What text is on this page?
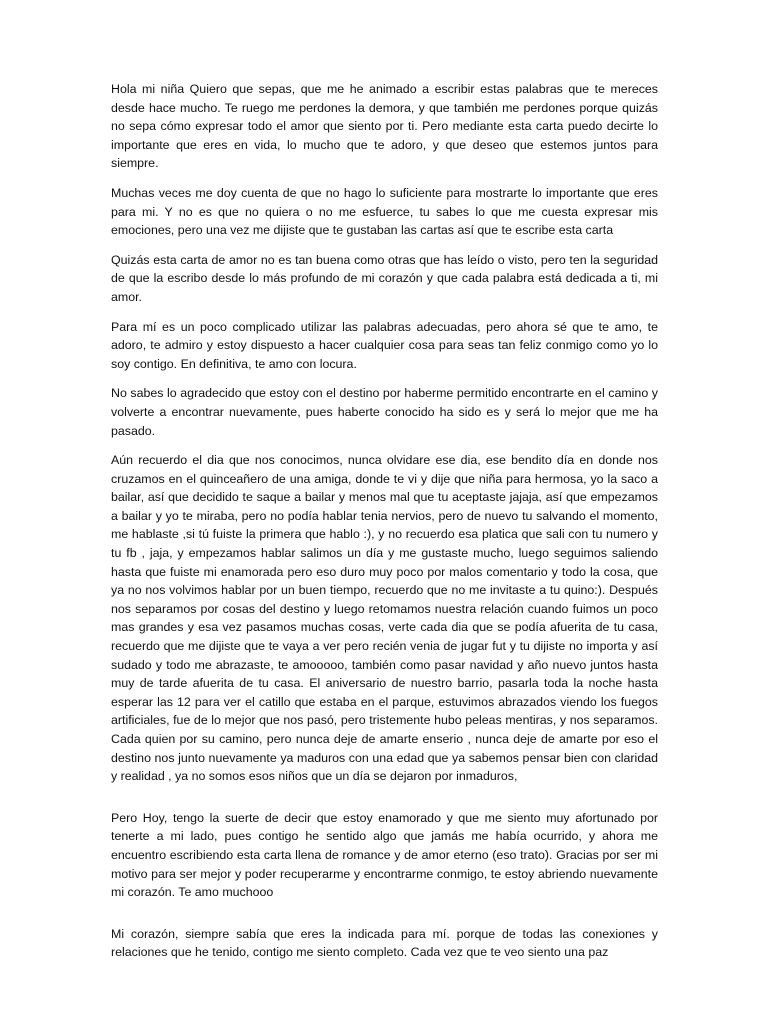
Hola mi niña Quiero que sepas, que me he animado a escribir estas palabras que te mereces desde hace mucho. Te ruego me perdones la demora, y que también me perdones porque quizás no sepa cómo expresar todo el amor que siento por ti. Pero mediante esta carta puedo decirte lo importante que eres en vida, lo mucho que te adoro, y que deseo que estemos juntos para siempre.

Muchas veces me doy cuenta de que no hago lo suficiente para mostrarte lo importante que eres para mi. Y no es que no quiera o no me esfuerce, tu sabes lo que me cuesta expresar mis emociones, pero una vez me dijiste que te gustaban las cartas así que te escribe esta carta

Quizás esta carta de amor no es tan buena como otras que has leído o visto, pero ten la seguridad de que la escribo desde lo más profundo de mi corazón y que cada palabra está dedicada a ti, mi amor.

Para mí es un poco complicado utilizar las palabras adecuadas, pero ahora sé que te amo, te adoro, te admiro y estoy dispuesto a hacer cualquier cosa para seas tan feliz conmigo como yo lo soy contigo. En definitiva, te amo con locura.

No sabes lo agradecido que estoy con el destino por haberme permitido encontrarte en el camino y volverte a encontrar nuevamente, pues haberte conocido ha sido es y será lo mejor que me ha pasado.

Aún recuerdo el dia que nos conocimos, nunca olvidare ese dia, ese bendito día en donde nos cruzamos en el quinceañero de una amiga, donde te vi y dije que niña para hermosa, yo la saco a bailar, así que decidido te saque a bailar y menos mal que tu aceptaste jajaja, así que empezamos a bailar y yo te miraba, pero no podía hablar tenia nervios, pero de nuevo tu salvando el momento, me hablaste ,si tú fuiste la primera que hablo :), y no recuerdo esa platica que sali con tu numero y tu fb , jaja, y empezamos hablar salimos un día y me gustaste mucho, luego seguimos saliendo hasta que fuiste mi enamorada pero eso duro muy poco por malos comentario y todo la cosa, que ya no nos volvimos hablar por un buen tiempo, recuerdo que no me invitaste a tu quino:). Después nos separamos por cosas del destino y luego retomamos nuestra relación cuando fuimos un poco mas grandes y esa vez pasamos muchas cosas, verte cada dia que se podía afuerita de tu casa, recuerdo que me dijiste que te vaya a ver pero recién venia de jugar fut y tu dijiste no importa y así sudado y todo me abrazaste, te amooooo, también como pasar navidad y año nuevo juntos hasta muy de tarde afuerita de tu casa. El aniversario de nuestro barrio, pasarla toda la noche hasta esperar las 12 para ver el catillo que estaba en el parque, estuvimos abrazados viendo los fuegos artificiales, fue de lo mejor que nos pasó, pero tristemente hubo peleas mentiras, y nos separamos. Cada quien por su camino, pero nunca deje de amarte enserio , nunca deje de amarte por eso el destino nos junto nuevamente ya maduros con una edad que ya sabemos pensar bien con claridad y realidad , ya no somos esos niños que un día se dejaron por inmaduros,

Pero Hoy, tengo la suerte de decir que estoy enamorado y que me siento muy afortunado por tenerte a mi lado, pues contigo he sentido algo que jamás me había ocurrido, y ahora me encuentro escribiendo esta carta llena de romance y de amor eterno (eso trato). Gracias por ser mi motivo para ser mejor y poder recuperarme y encontrarme conmigo, te estoy abriendo nuevamente mi corazón. Te amo muchooo

Mi corazón, siempre sabía que eres la indicada para mí. porque de todas las conexiones y relaciones que he tenido, contigo me siento completo. Cada vez que te veo siento una paz
